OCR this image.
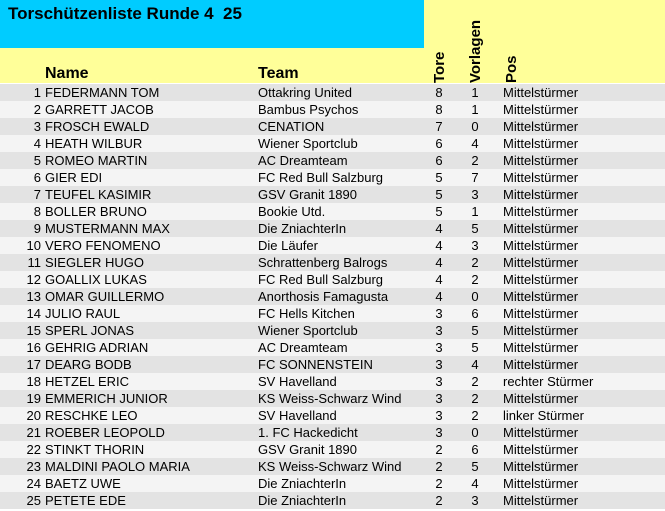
Torschützenliste Runde 4  25
Name	Team	Tore Vorlagen Pos
1 FEDERMANN TOM	Ottakring United	8	1	Mittelstürmer
2 GARRETT JACOB	Bambus Psychos	8	1	Mittelstürmer
3 FROSCH EWALD	CENATION	7	0	Mittelstürmer
4 HEATH WILBUR	Wiener Sportclub	6	4	Mittelstürmer
5 ROMEO MARTIN	AC Dreamteam	6	2	Mittelstürmer
6 GIER EDI	FC Red Bull Salzburg	5	7	Mittelstürmer
7 TEUFEL KASIMIR	GSV Granit 1890	5	3	Mittelstürmer
8 BOLLER BRUNO	Bookie Utd.	5	1	Mittelstürmer
9 MUSTERMANN MAX	Die ZniachterIn	4	5	Mittelstürmer
10 VERO FENOMENO	Die Läufer	4	3	Mittelstürmer
11 SIEGLER HUGO	Schrattenberg Balrogs	4	2	Mittelstürmer
12 GOALLIX LUKAS	FC Red Bull Salzburg	4	2	Mittelstürmer
13 OMAR GUILLERMO	Anorthosis Famagusta	4	0	Mittelstürmer
14 JULIO RAUL	FC Hells Kitchen	3	6	Mittelstürmer
15 SPERL JONAS	Wiener Sportclub	3	5	Mittelstürmer
16 GEHRIG ADRIAN	AC Dreamteam	3	5	Mittelstürmer
17 DEARG BODB	FC SONNENSTEIN	3	4	Mittelstürmer
18 HETZEL ERIC	SV Havelland	3	2	rechter Stürmer
19 EMMERICH JUNIOR	KS Weiss-Schwarz Wind	3	2	Mittelstürmer
20 RESCHKE LEO	SV Havelland	3	2	linker Stürmer
21 ROEBER LEOPOLD	1. FC Hackedicht	3	0	Mittelstürmer
22 STINKT THORIN	GSV Granit 1890	2	6	Mittelstürmer
23 MALDINI PAOLO MARIA	KS Weiss-Schwarz Wind	2	5	Mittelstürmer
24 BAETZ UWE	Die ZniachterIn	2	4	Mittelstürmer
25 PETETE EDE	Die ZniachterIn	2	3	Mittelstürmer
